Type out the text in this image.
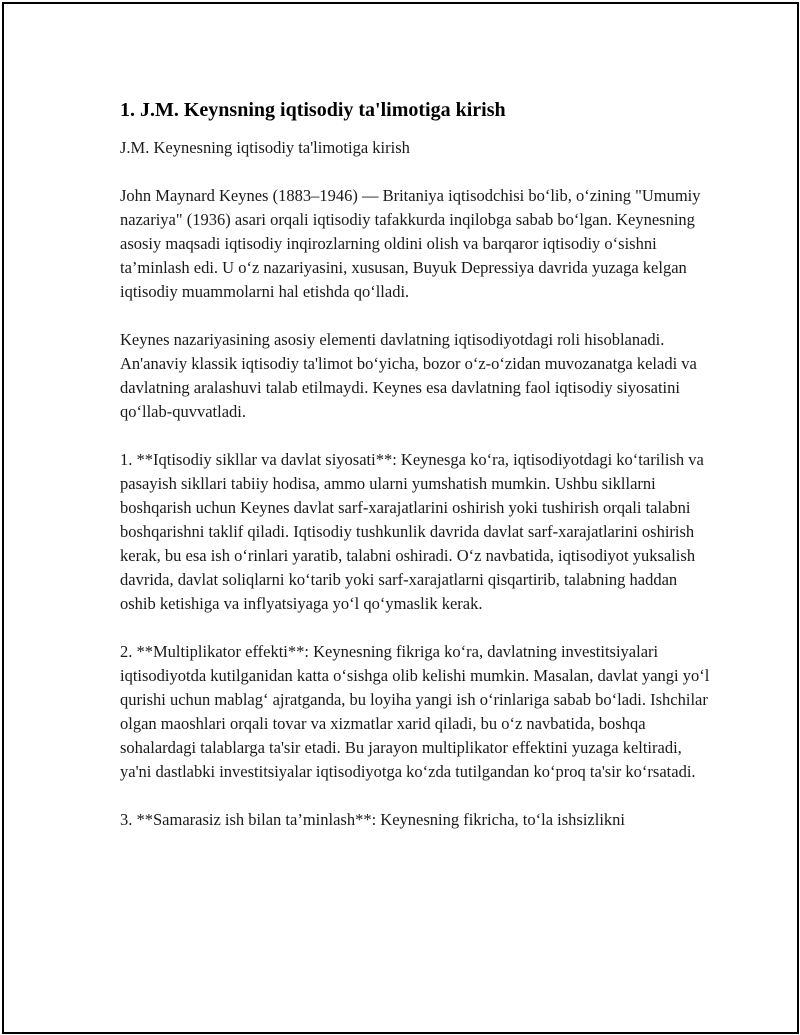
1. J.M. Keynsning iqtisodiy ta'limotiga kirish

J.M. Keynesning iqtisodiy ta'limotiga kirish

John Maynard Keynes (1883–1946) — Britaniya iqtisodchisi bo‘lib, o‘zining "Umumiy nazariya" (1936) asari orqali iqtisodiy tafakkurda inqilobga sabab bo‘lgan. Keynesning asosiy maqsadi iqtisodiy inqirozlarning oldini olish va barqaror iqtisodiy o‘sishni ta’minlash edi. U o‘z nazariyasini, xususan, Buyuk Depressiya davrida yuzaga kelgan iqtisodiy muammolarni hal etishda qo‘lladi.

Keynes nazariyasining asosiy elementi davlatning iqtisodiyotdagi roli hisoblanadi. An'anaviy klassik iqtisodiy ta'limot bo‘yicha, bozor o‘z-o‘zidan muvozanatga keladi va davlatning aralashuvi talab etilmaydi. Keynes esa davlatning faol iqtisodiy siyosatini qo‘llab-quvvatladi.

1. **Iqtisodiy sikllar va davlat siyosati**: Keynesga ko‘ra, iqtisodiyotdagi ko‘tarilish va pasayish sikllari tabiiy hodisa, ammo ularni yumshatish mumkin. Ushbu sikllarni boshqarish uchun Keynes davlat sarf-xarajatlarini oshirish yoki tushirish orqali talabni boshqarishni taklif qiladi. Iqtisodiy tushkunlik davrida davlat sarf-xarajatlarini oshirish kerak, bu esa ish o‘rinlari yaratib, talabni oshiradi. O‘z navbatida, iqtisodiyot yuksalish davrida, davlat soliqlarni ko‘tarib yoki sarf-xarajatlarni qisqartirib, talabning haddan oshib ketishiga va inflyatsiyaga yo‘l qo‘ymaslik kerak.

2. **Multiplikator effekti**: Keynesning fikriga ko‘ra, davlatning investitsiyalari iqtisodiyotda kutilganidan katta o‘sishga olib kelishi mumkin. Masalan, davlat yangi yo‘l qurishi uchun mablag‘ ajratganda, bu loyiha yangi ish o‘rinlariga sabab bo‘ladi. Ishchilar olgan maoshlari orqali tovar va xizmatlar xarid qiladi, bu o‘z navbatida, boshqa sohalardagi talablarga ta'sir etadi. Bu jarayon multiplikator effektini yuzaga keltiradi, ya'ni dastlabki investitsiyalar iqtisodiyotga ko‘zda tutilgandan ko‘proq ta'sir ko‘rsatadi.

3. **Samarasiz ish bilan ta’minlash**: Keynesning fikricha, to‘la ishsizlikni
